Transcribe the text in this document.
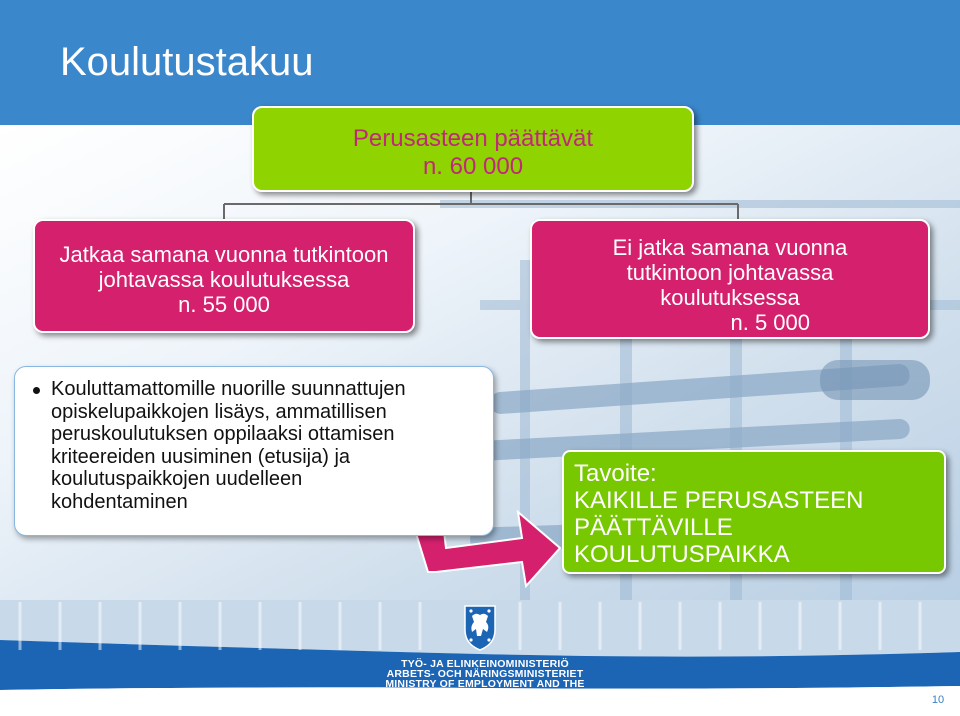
Koulutustakuu
Perusasteen päättävät
n. 60 000
Jatkaa samana vuonna tutkintoon
johtavassa koulutuksessa
n. 55 000
Ei jatka samana vuonna
tutkintoon johtavassa
koulutuksessa
n. 5 000
Kouluttamattomille nuorille suunnattujen
opiskelupaikkojen lisäys, ammatillisen
peruskoulutuksen oppilaaksi ottamisen
kriteereiden uusiminen (etusija) ja
koulutuspaikkojen uudelleen
kohdentaminen
Tavoite:
KAIKILLE PERUSASTEEN
PÄÄTTÄVILLE
KOULUTUSPAIKKA
TYÖ- JA ELINKEINOMINISTERIÖ
ARBETS- OCH NÄRINGSMINISTERIET
MINISTRY OF EMPLOYMENT AND THE ECONOMY	10
